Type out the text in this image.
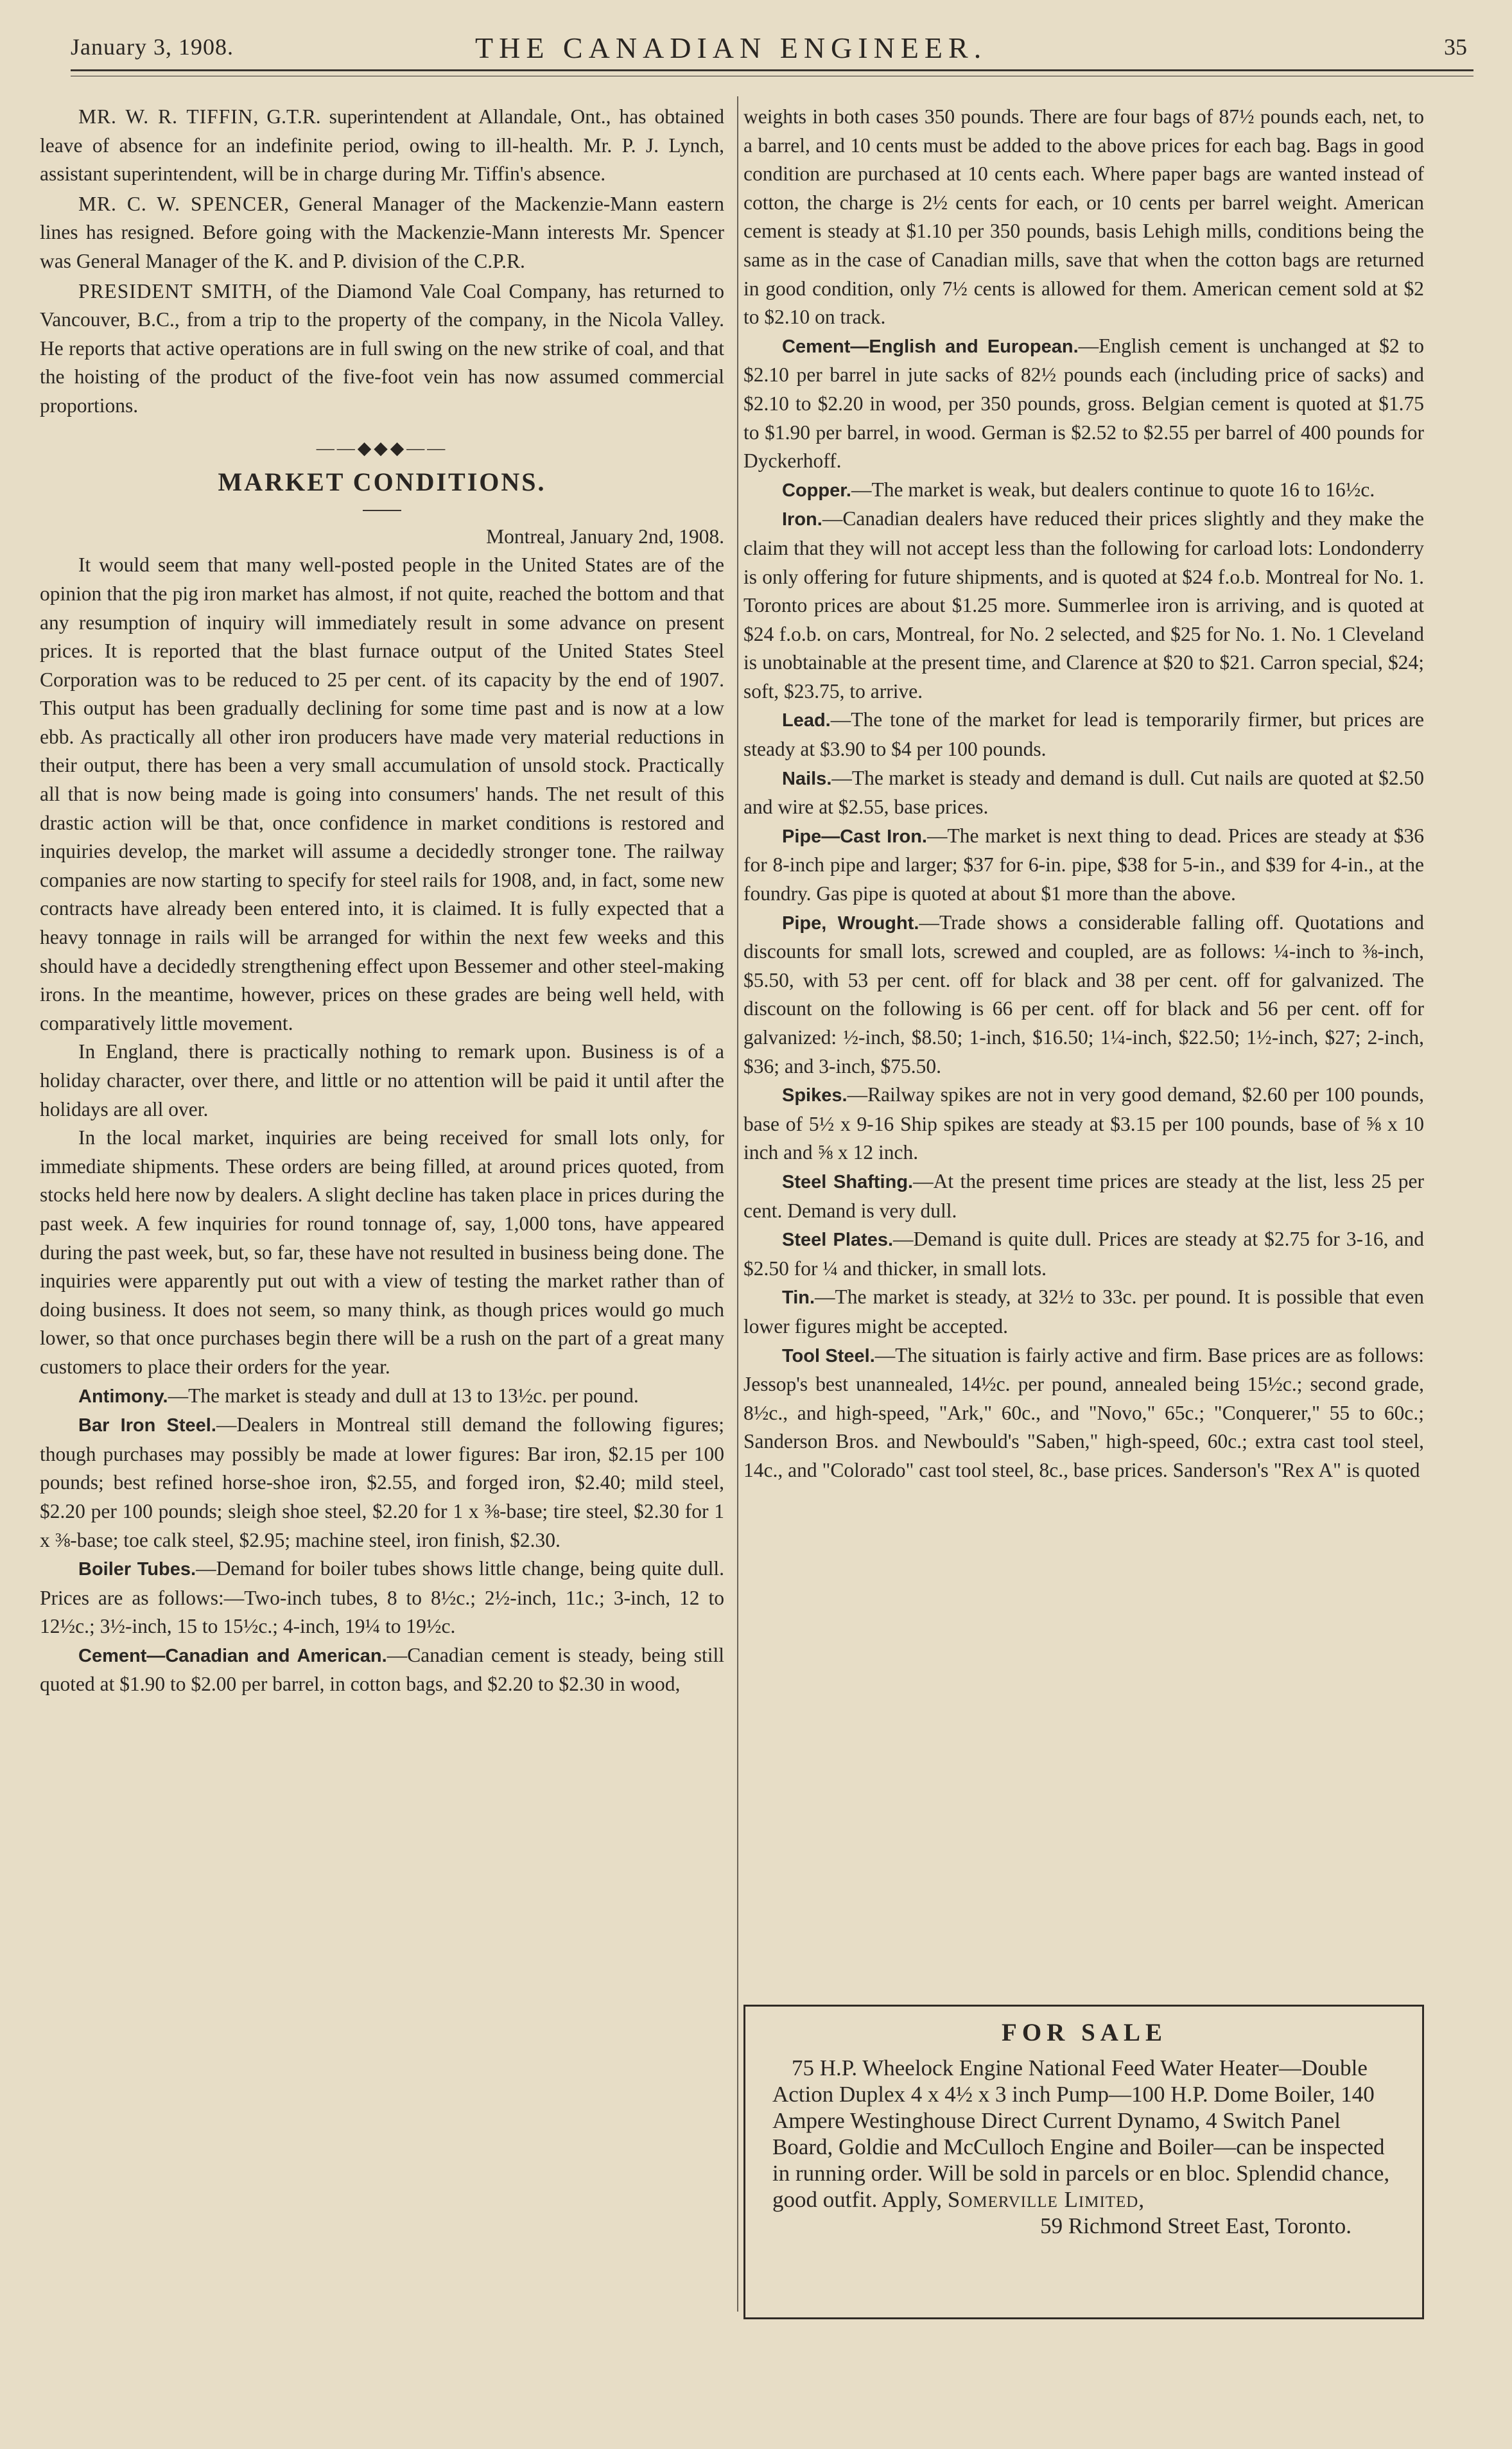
January 3, 1908.	THE CANADIAN ENGINEER.	35

MR. W. R. TIFFIN, G.T.R. superintendent at Allandale, Ont., has obtained leave of absence for an indefinite period, owing to ill-health. Mr. P. J. Lynch, assistant superintendent, will be in charge during Mr. Tiffin's absence.

MR. C. W. SPENCER, General Manager of the Mackenzie-Mann eastern lines has resigned. Before going with the Mackenzie-Mann interests Mr. Spencer was General Manager of the K. and P. division of the C.P.R.

PRESIDENT SMITH, of the Diamond Vale Coal Company, has returned to Vancouver, B.C., from a trip to the property of the company, in the Nicola Valley. He reports that active operations are in full swing on the new strike of coal, and that the hoisting of the product of the five-foot vein has now assumed commercial proportions.

——◆◆◆——
MARKET CONDITIONS.

Montreal, January 2nd, 1908.

It would seem that many well-posted people in the United States are of the opinion that the pig iron market has almost, if not quite, reached the bottom and that any resumption of inquiry will immediately result in some advance on present prices. It is reported that the blast furnace output of the United States Steel Corporation was to be reduced to 25 per cent. of its capacity by the end of 1907. This output has been gradually declining for some time past and is now at a low ebb. As practically all other iron producers have made very material reductions in their output, there has been a very small accumulation of unsold stock. Practically all that is now being made is going into consumers' hands. The net result of this drastic action will be that, once confidence in market conditions is restored and inquiries develop, the market will assume a decidedly stronger tone. The railway companies are now starting to specify for steel rails for 1908, and, in fact, some new contracts have already been entered into, it is claimed. It is fully expected that a heavy tonnage in rails will be arranged for within the next few weeks and this should have a decidedly strengthening effect upon Bessemer and other steel-making irons. In the meantime, however, prices on these grades are being well held, with comparatively little movement.

In England, there is practically nothing to remark upon. Business is of a holiday character, over there, and little or no attention will be paid it until after the holidays are all over.

In the local market, inquiries are being received for small lots only, for immediate shipments. These orders are being filled, at around prices quoted, from stocks held here now by dealers. A slight decline has taken place in prices during the past week. A few inquiries for round tonnage of, say, 1,000 tons, have appeared during the past week, but, so far, these have not resulted in business being done. The inquiries were apparently put out with a view of testing the market rather than of doing business. It does not seem, so many think, as though prices would go much lower, so that once purchases begin there will be a rush on the part of a great many customers to place their orders for the year.

Antimony.—The market is steady and dull at 13 to 13½c. per pound.

Bar Iron Steel.—Dealers in Montreal still demand the following figures; though purchases may possibly be made at lower figures: Bar iron, $2.15 per 100 pounds; best refined horse-shoe iron, $2.55, and forged iron, $2.40; mild steel, $2.20 per 100 pounds; sleigh shoe steel, $2.20 for 1 x ⅜-base; tire steel, $2.30 for 1 x ⅜-base; toe calk steel, $2.95; machine steel, iron finish, $2.30.

Boiler Tubes.—Demand for boiler tubes shows little change, being quite dull. Prices are as follows:—Two-inch tubes, 8 to 8½c.; 2½-inch, 11c.; 3-inch, 12 to 12½c.; 3½-inch, 15 to 15½c.; 4-inch, 19¼ to 19½c.

Cement—Canadian and American.—Canadian cement is steady, being still quoted at $1.90 to $2.00 per barrel, in cotton bags, and $2.20 to $2.30 in wood,

weights in both cases 350 pounds. There are four bags of 87½ pounds each, net, to a barrel, and 10 cents must be added to the above prices for each bag. Bags in good condition are purchased at 10 cents each. Where paper bags are wanted instead of cotton, the charge is 2½ cents for each, or 10 cents per barrel weight. American cement is steady at $1.10 per 350 pounds, basis Lehigh mills, conditions being the same as in the case of Canadian mills, save that when the cotton bags are returned in good condition, only 7½ cents is allowed for them. American cement sold at $2 to $2.10 on track.

Cement—English and European.—English cement is unchanged at $2 to $2.10 per barrel in jute sacks of 82½ pounds each (including price of sacks) and $2.10 to $2.20 in wood, per 350 pounds, gross. Belgian cement is quoted at $1.75 to $1.90 per barrel, in wood. German is $2.52 to $2.55 per barrel of 400 pounds for Dyckerhoff.

Copper.—The market is weak, but dealers continue to quote 16 to 16½c.

Iron.—Canadian dealers have reduced their prices slightly and they make the claim that they will not accept less than the following for carload lots: Londonderry is only offering for future shipments, and is quoted at $24 f.o.b. Montreal for No. 1. Toronto prices are about $1.25 more. Summerlee iron is arriving, and is quoted at $24 f.o.b. on cars, Montreal, for No. 2 selected, and $25 for No. 1. No. 1 Cleveland is unobtainable at the present time, and Clarence at $20 to $21. Carron special, $24; soft, $23.75, to arrive.

Lead.—The tone of the market for lead is temporarily firmer, but prices are steady at $3.90 to $4 per 100 pounds.

Nails.—The market is steady and demand is dull. Cut nails are quoted at $2.50 and wire at $2.55, base prices.

Pipe—Cast Iron.—The market is next thing to dead. Prices are steady at $36 for 8-inch pipe and larger; $37 for 6-in. pipe, $38 for 5-in., and $39 for 4-in., at the foundry. Gas pipe is quoted at about $1 more than the above.

Pipe, Wrought.—Trade shows a considerable falling off. Quotations and discounts for small lots, screwed and coupled, are as follows: ¼-inch to ⅜-inch, $5.50, with 53 per cent. off for black and 38 per cent. off for galvanized. The discount on the following is 66 per cent. off for black and 56 per cent. off for galvanized: ½-inch, $8.50; 1-inch, $16.50; 1¼-inch, $22.50; 1½-inch, $27; 2-inch, $36; and 3-inch, $75.50.

Spikes.—Railway spikes are not in very good demand, $2.60 per 100 pounds, base of 5½ x 9-16 Ship spikes are steady at $3.15 per 100 pounds, base of ⅝ x 10 inch and ⅝ x 12 inch.

Steel Shafting.—At the present time prices are steady at the list, less 25 per cent. Demand is very dull.

Steel Plates.—Demand is quite dull. Prices are steady at $2.75 for 3-16, and $2.50 for ¼ and thicker, in small lots.

Tin.—The market is steady, at 32½ to 33c. per pound. It is possible that even lower figures might be accepted.

Tool Steel.—The situation is fairly active and firm. Base prices are as follows: Jessop's best unannealed, 14½c. per pound, annealed being 15½c.; second grade, 8½c., and high-speed, "Ark," 60c., and "Novo," 65c.; "Conquerer," 55 to 60c.; Sanderson Bros. and Newbould's "Saben," high-speed, 60c.; extra cast tool steel, 14c., and "Colorado" cast tool steel, 8c., base prices. Sanderson's "Rex A" is quoted

FOR SALE

75 H.P. Wheelock Engine National Feed Water Heater—Double Action Duplex 4 x 4½ x 3 inch Pump—100 H.P. Dome Boiler, 140 Ampere Westinghouse Direct Current Dynamo, 4 Switch Panel Board, Goldie and McCulloch Engine and Boiler—can be inspected in running order. Will be sold in parcels or en bloc. Splendid chance, good outfit. Apply, Somerville Limited,

59 Richmond Street East, Toronto.
